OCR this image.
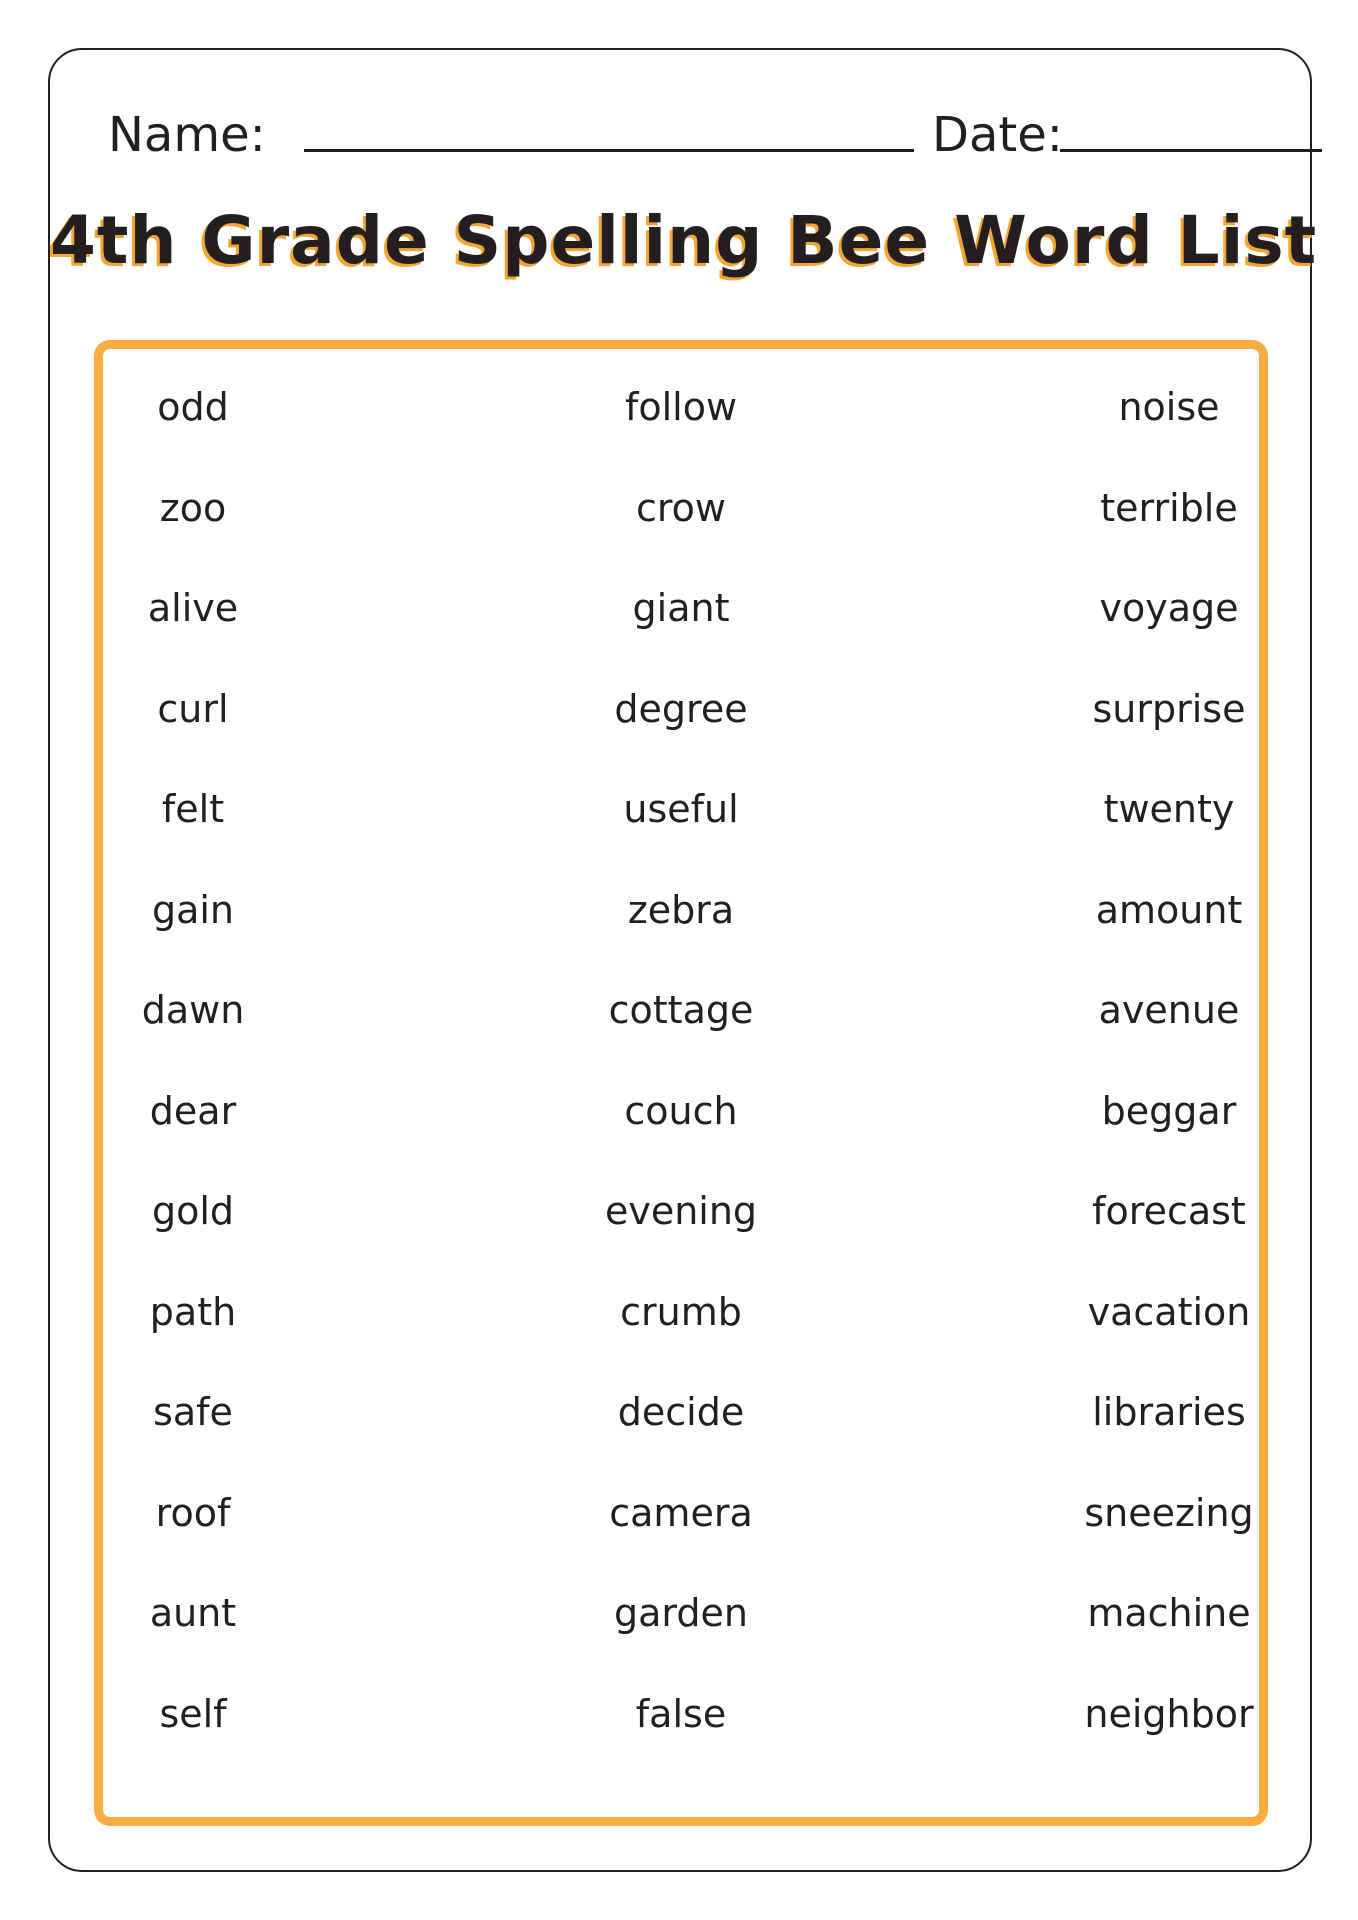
Name:	Date:
4th Grade Spelling Bee Word List
odd
zoo
alive
curl
felt
gain
dawn
dear
gold
path
safe
roof
aunt
self
follow
crow
giant
degree
useful
zebra
cottage
couch
evening
crumb
decide
camera
garden
false
noise
terrible
voyage
surprise
twenty
amount
avenue
beggar
forecast
vacation
libraries
sneezing
machine
neighbor
